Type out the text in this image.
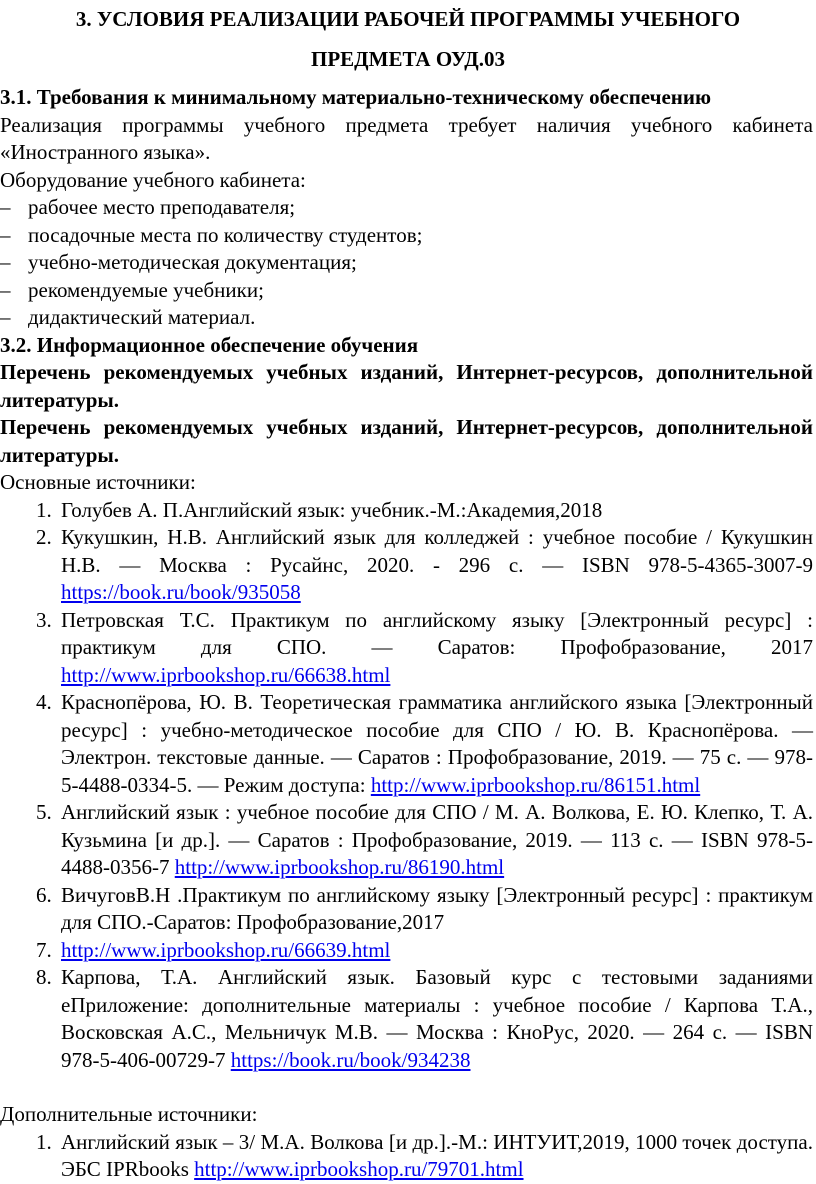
3. УСЛОВИЯ РЕАЛИЗАЦИИ РАБОЧЕЙ ПРОГРАММЫ УЧЕБНОГО
ПРЕДМЕТА ОУД.03
3.1. Требования к минимальному материально-техническому обеспечению
Реализация программы учебного предмета требует наличия учебного кабинета «Иностранного языка».
Оборудование учебного кабинета:
– рабочее место преподавателя;
– посадочные места по количеству студентов;
– учебно-методическая документация;
– рекомендуемые учебники;
– дидактический материал.
3.2. Информационное обеспечение обучения
Перечень рекомендуемых учебных изданий, Интернет-ресурсов, дополнительной литературы.
Перечень рекомендуемых учебных изданий, Интернет-ресурсов, дополнительной литературы.
Основные источники:
1. Голубев А. П.Английский язык: учебник.-М.:Академия,2018
2. Кукушкин, Н.В. Английский язык для колледжей : учебное пособие / Кукушкин Н.В. — Москва : Русайнс, 2020. - 296 с. — ISBN 978-5-4365-3007-9 https://book.ru/book/935058
3. Петровская Т.С. Практикум по английскому языку [Электронный ресурс] : практикум для СПО. — Саратов: Профобразование, 2017 http://www.iprbookshop.ru/66638.html
4. Краснопёрова, Ю. В. Теоретическая грамматика английского языка [Электронный ресурс] : учебно-методическое пособие для СПО / Ю. В. Краснопёрова. — Электрон. текстовые данные. — Саратов : Профобразование, 2019. — 75 с. — 978-5-4488-0334-5. — Режим доступа: http://www.iprbookshop.ru/86151.html
5. Английский язык : учебное пособие для СПО / М. А. Волкова, Е. Ю. Клепко, Т. А. Кузьмина [и др.]. — Саратов : Профобразование, 2019. — 113 c. — ISBN 978-5-4488-0356-7 http://www.iprbookshop.ru/86190.html
6. ВичуговВ.Н .Практикум по английскому языку [Электронный ресурс] : практикум для СПО.-Саратов: Профобразование,2017
7. http://www.iprbookshop.ru/66639.html
8. Карпова, Т.А. Английский язык. Базовый курс с тестовыми заданиями еПриложение: дополнительные материалы : учебное пособие / Карпова Т.А., Восковская А.С., Мельничук М.В. — Москва : КноРус, 2020. — 264 с. — ISBN 978-5-406-00729-7 https://book.ru/book/934238
Дополнительные источники:
1. Английский язык – 3/ М.А. Волкова [и др.].-М.: ИНТУИТ,2019, 1000 точек доступа. ЭБС IPRbooks http://www.iprbookshop.ru/79701.html
